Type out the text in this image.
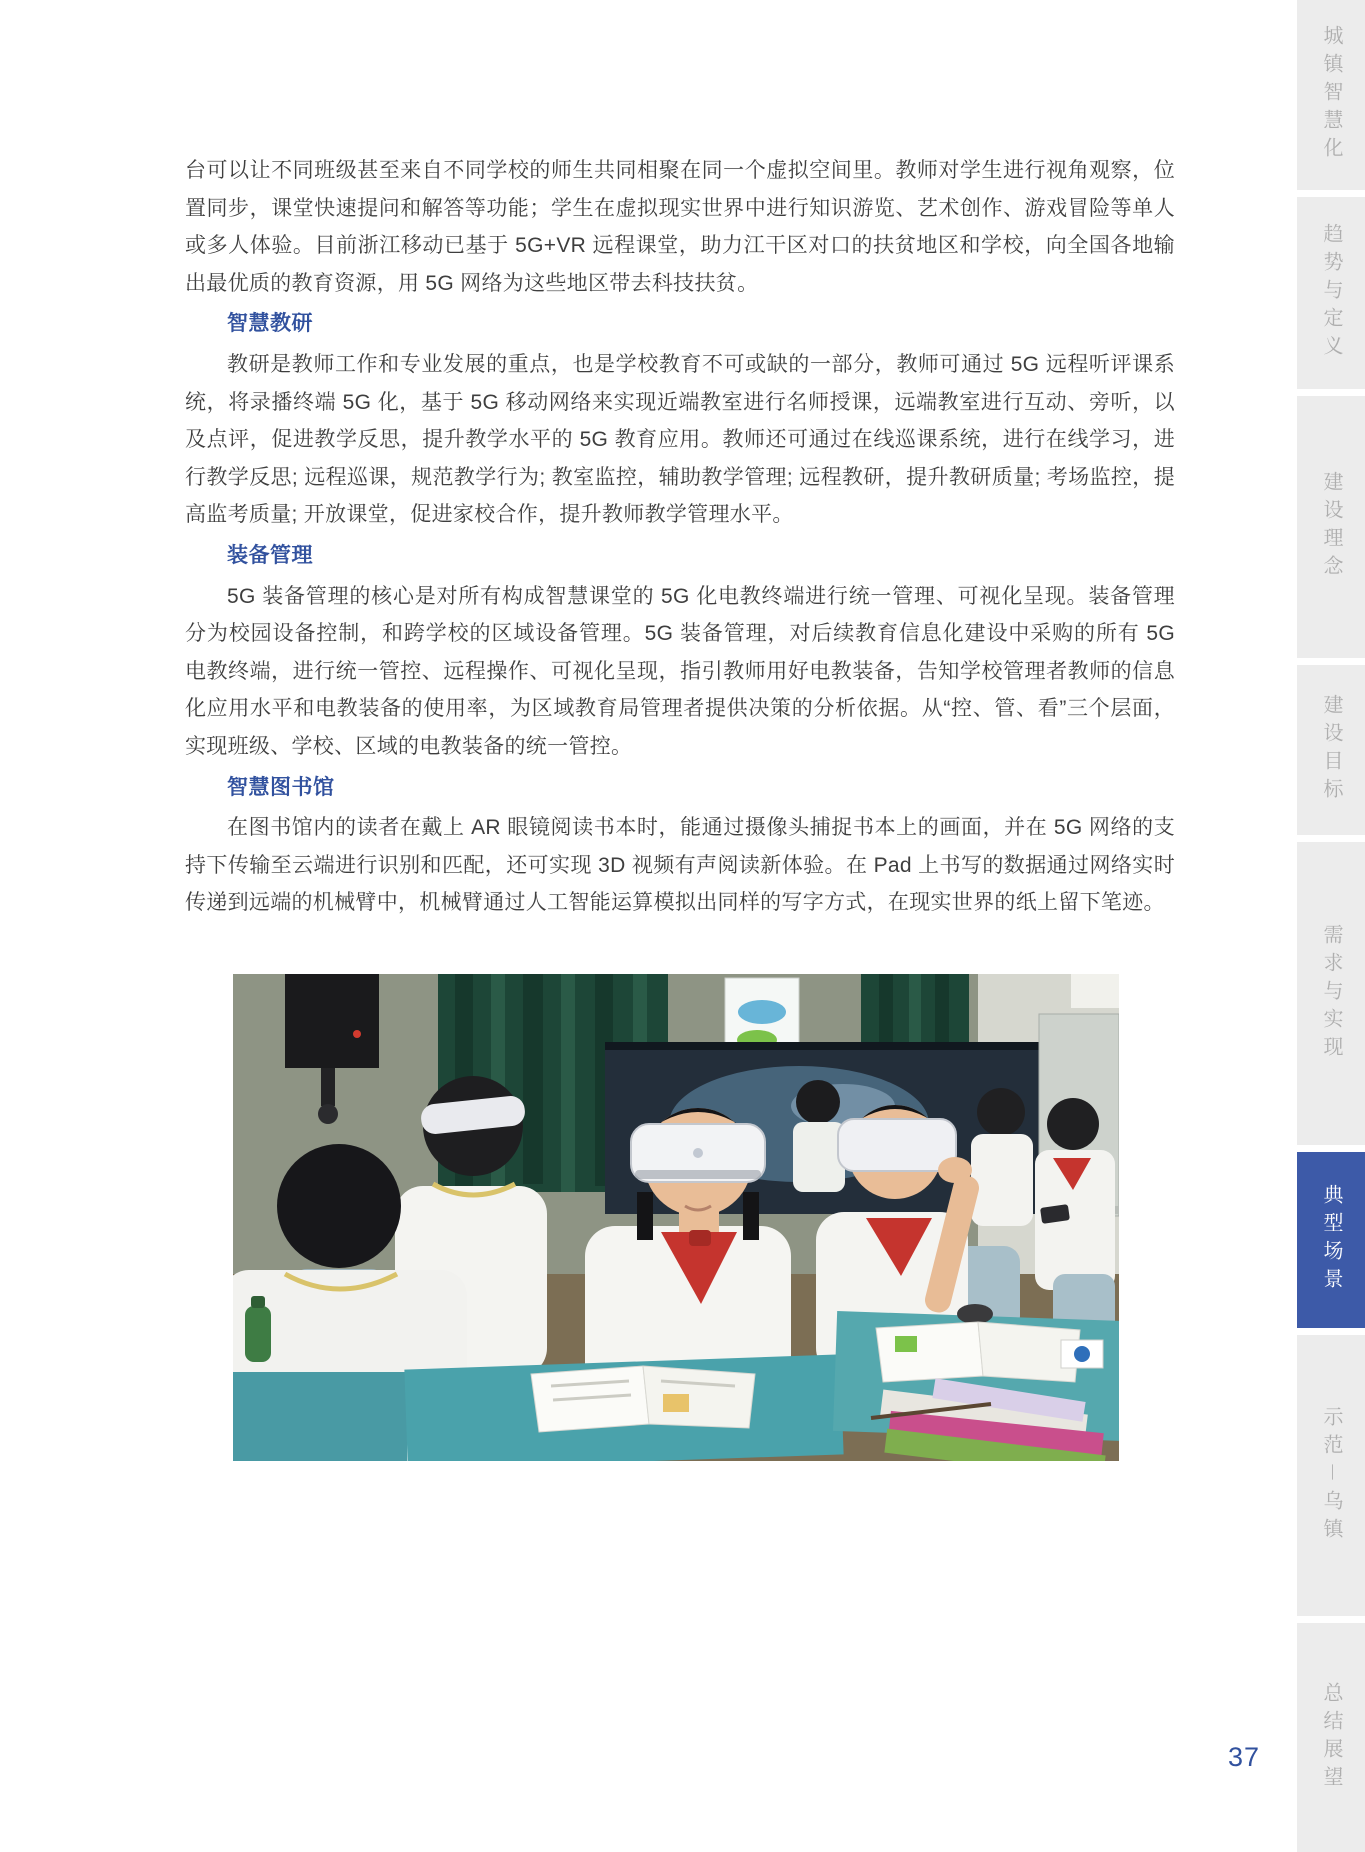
台可以让不同班级甚至来自不同学校的师生共同相聚在同一个虚拟空间里。教师对学生进行视角观察，位置同步，课堂快速提问和解答等功能；学生在虚拟现实世界中进行知识游览、艺术创作、游戏冒险等单人或多人体验。目前浙江移动已基于 5G+VR 远程课堂，助力江干区对口的扶贫地区和学校，向全国各地输出最优质的教育资源，用 5G 网络为这些地区带去科技扶贫。

智慧教研

教研是教师工作和专业发展的重点，也是学校教育不可或缺的一部分，教师可通过 5G 远程听评课系统，将录播终端 5G 化，基于 5G 移动网络来实现近端教室进行名师授课，远端教室进行互动、旁听，以及点评，促进教学反思，提升教学水平的 5G 教育应用。教师还可通过在线巡课系统，进行在线学习，进行教学反思; 远程巡课，规范教学行为; 教室监控，辅助教学管理; 远程教研，提升教研质量; 考场监控，提高监考质量; 开放课堂，促进家校合作，提升教师教学管理水平。

装备管理

5G 装备管理的核心是对所有构成智慧课堂的 5G 化电教终端进行统一管理、可视化呈现。装备管理分为校园设备控制，和跨学校的区域设备管理。5G 装备管理，对后续教育信息化建设中采购的所有 5G 电教终端，进行统一管控、远程操作、可视化呈现，指引教师用好电教装备，告知学校管理者教师的信息化应用水平和电教装备的使用率，为区域教育局管理者提供决策的分析依据。从“控、管、看”三个层面，实现班级、学校、区域的电教装备的统一管控。

智慧图书馆

在图书馆内的读者在戴上 AR 眼镜阅读书本时，能通过摄像头捕捉书本上的画面，并在 5G 网络的支持下传输至云端进行识别和匹配，还可实现 3D 视频有声阅读新体验。在 Pad 上书写的数据通过网络实时传递到远端的机械臂中，机械臂通过人工智能运算模拟出同样的写字方式，在现实世界的纸上留下笔迹。

城镇智慧化
趋势与定义
建设理念
建设目标
需求与实现
典型场景
示范－乌镇
总结展望
37
